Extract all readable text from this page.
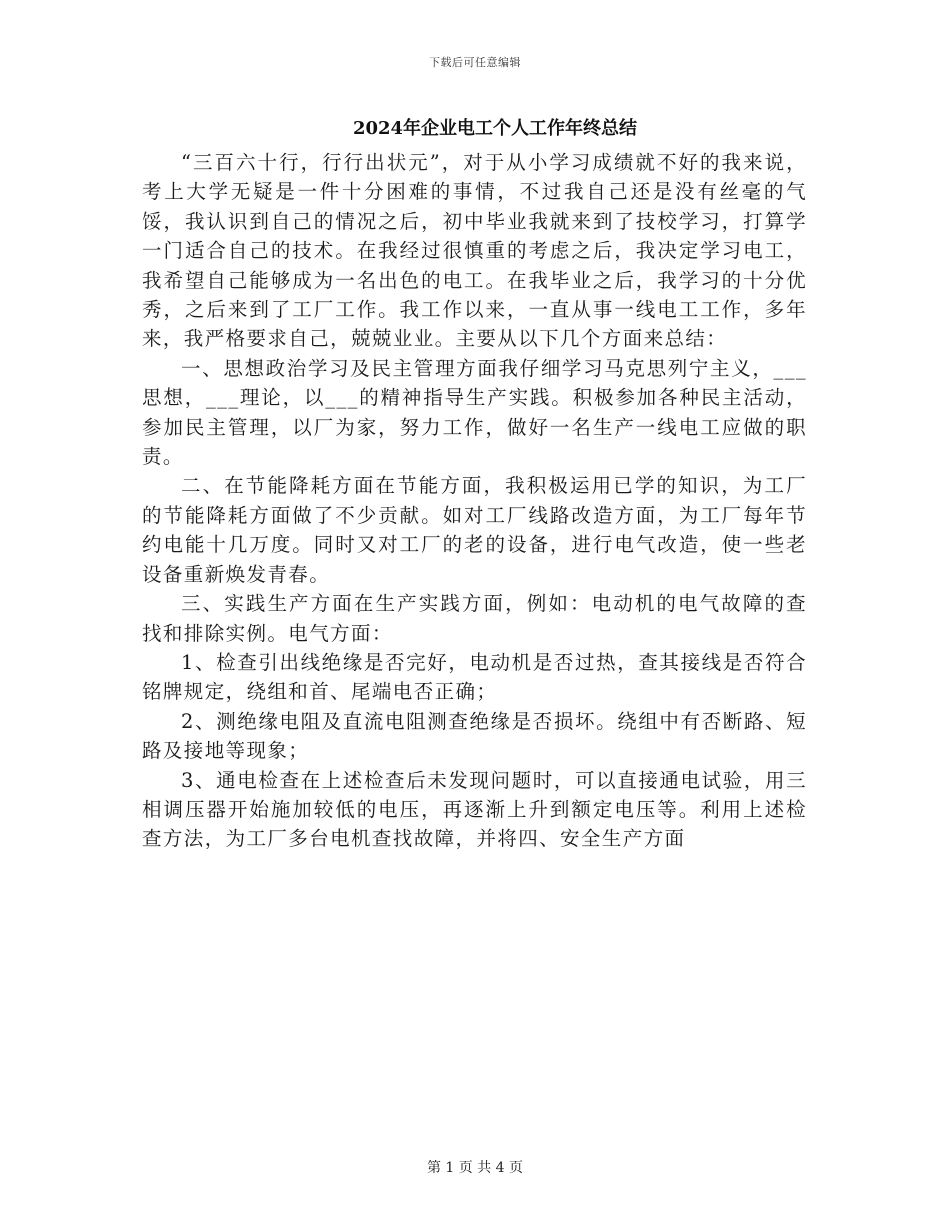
下载后可任意编辑
2024年企业电工个人工作年终总结

“三百六十行，行行出状元”，对于从小学习成绩就不好的我来说，考上大学无疑是一件十分困难的事情，不过我自己还是没有丝毫的气馁，我认识到自己的情况之后，初中毕业我就来到了技校学习，打算学一门适合自己的技术。在我经过很慎重的考虑之后，我决定学习电工，我希望自己能够成为一名出色的电工。在我毕业之后，我学习的十分优秀，之后来到了工厂工作。我工作以来，一直从事一线电工工作，多年来，我严格要求自己，兢兢业业。主要从以下几个方面来总结：

一、思想政治学习及民主管理方面我仔细学习马克思列宁主义，___思想，___理论，以___的精神指导生产实践。积极参加各种民主活动，参加民主管理，以厂为家，努力工作，做好一名生产一线电工应做的职责。

二、在节能降耗方面在节能方面，我积极运用已学的知识，为工厂的节能降耗方面做了不少贡献。如对工厂线路改造方面，为工厂每年节约电能十几万度。同时又对工厂的老的设备，进行电气改造，使一些老设备重新焕发青春。

三、实践生产方面在生产实践方面，例如：电动机的电气故障的查找和排除实例。电气方面：

1、检查引出线绝缘是否完好，电动机是否过热，查其接线是否符合铭牌规定，绕组和首、尾端电否正确；

2、测绝缘电阻及直流电阻测查绝缘是否损坏。绕组中有否断路、短路及接地等现象；

3、通电检查在上述检查后未发现问题时，可以直接通电试验，用三相调压器开始施加较低的电压，再逐渐上升到额定电压等。利用上述检查方法，为工厂多台电机查找故障，并将四、安全生产方面

第 1 页 共 4 页
